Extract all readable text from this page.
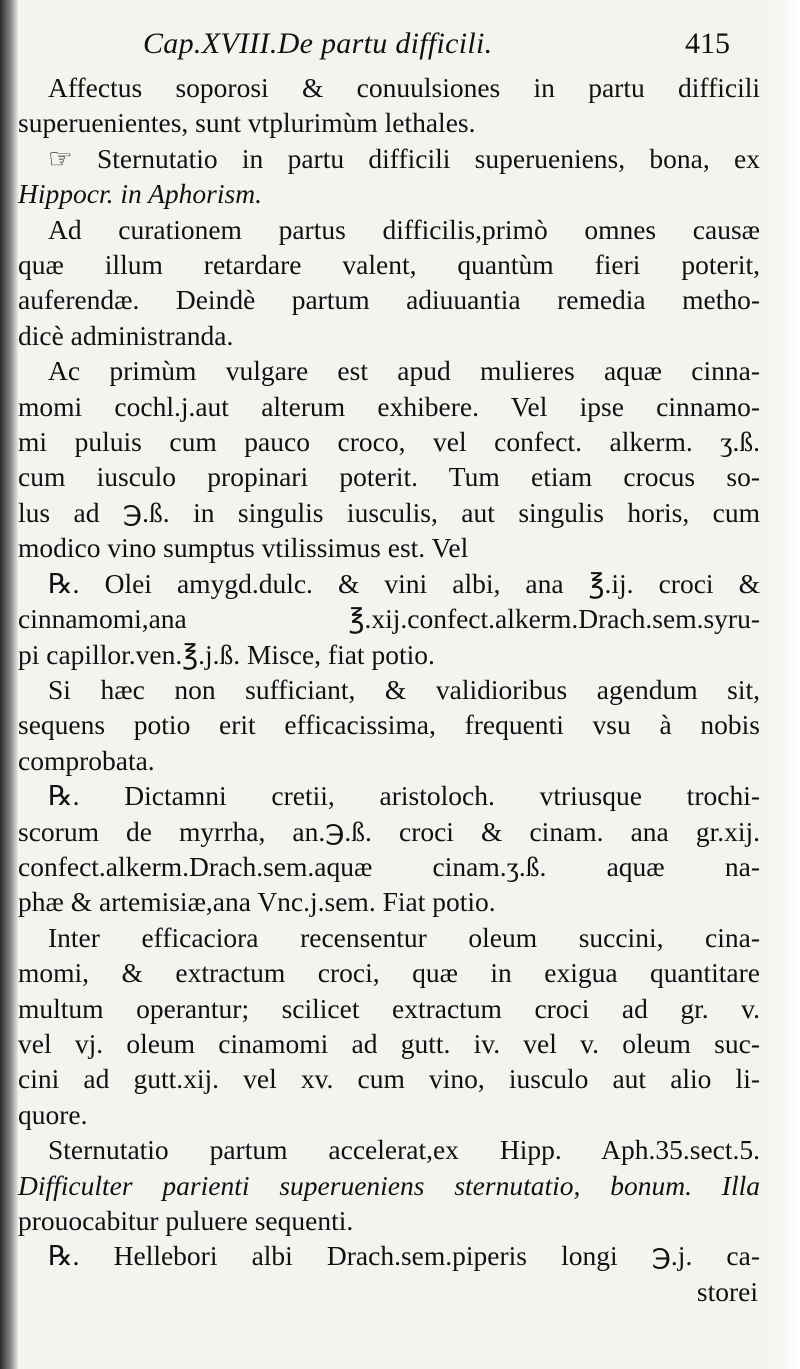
Cap.XVIII.De partu difficili.	415
Affectus soporosi & conuulsiones in partu difficili
superuenientes, sunt vtplurimùm lethales.
☞ Sternutatio in partu difficili superueniens, bona, ex
Hippocr. in Aphorism.
Ad curationem partus difficilis,primò omnes causæ
quæ illum retardare valent, quantùm fieri poterit,
auferendæ. Deindè partum adiuuantia remedia metho-
dicè administranda.
Ac primùm vulgare est apud mulieres aquæ cinna-
momi cochl.j.aut alterum exhibere. Vel ipse cinnamo-
mi puluis cum pauco croco, vel confect. alkerm. ʒ.ß.
cum iusculo propinari poterit. Tum etiam crocus so-
lus ad ℈.ß. in singulis iusculis, aut singulis horis, cum
modico vino sumptus vtilissimus est. Vel
℞. Olei amygd.dulc. & vini albi, ana ℥.ij. croci &
cinnamomi,ana ℥.xij.confect.alkerm.Drach.sem.syru-
pi capillor.ven.℥.j.ß. Misce, fiat potio.
Si hæc non sufficiant, & validioribus agendum sit,
sequens potio erit efficacissima, frequenti vsu à nobis
comprobata.
℞. Dictamni cretii, aristoloch. vtriusque trochi-
scorum de myrrha, an.℈.ß. croci & cinam. ana gr.xij.
confect.alkerm.Drach.sem.aquæ cinam.ʒ.ß. aquæ na-
phæ & artemisiæ,ana Vnc.j.sem. Fiat potio.
Inter efficaciora recensentur oleum succini, cina-
momi, & extractum croci, quæ in exigua quantitare
multum operantur; scilicet extractum croci ad gr. v.
vel vj. oleum cinamomi ad gutt. iv. vel v. oleum suc-
cini ad gutt.xij. vel xv. cum vino, iusculo aut alio li-
quore.
Sternutatio partum accelerat,ex Hipp. Aph.35.sect.5.
Difficulter parienti superueniens sternutatio, bonum. Illa
prouocabitur puluere sequenti.
℞. Hellebori albi Drach.sem.piperis longi ℈.j. ca-
storei
